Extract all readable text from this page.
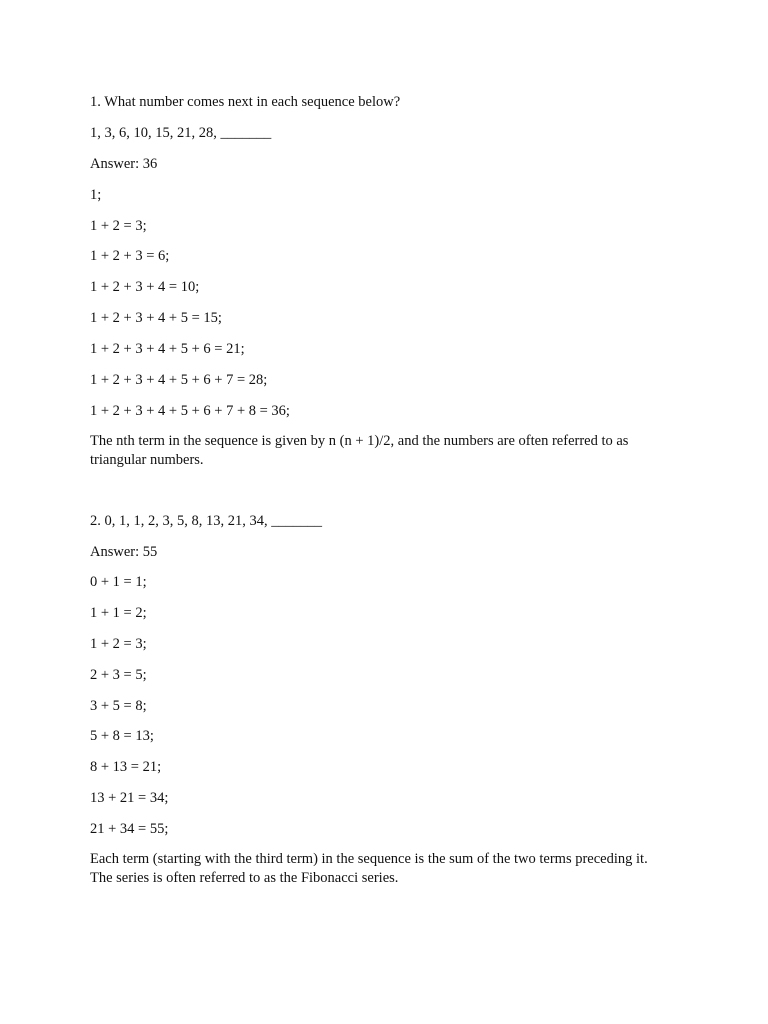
1. What number comes next in each sequence below?
1, 3, 6, 10, 15, 21, 28, _______
Answer: 36
1;
1 + 2 = 3;
1 + 2 + 3 = 6;
1 + 2 + 3 + 4 = 10;
1 + 2 + 3 + 4 + 5 = 15;
1 + 2 + 3 + 4 + 5 + 6 = 21;
1 + 2 + 3 + 4 + 5 + 6 + 7 = 28;
1 + 2 + 3 + 4 + 5 + 6 + 7 + 8 = 36;
The nth term in the sequence is given by n (n + 1)/2, and the numbers are often referred to as
triangular numbers.
2. 0, 1, 1, 2, 3, 5, 8, 13, 21, 34, _______
Answer: 55
0 + 1 = 1;
1 + 1 = 2;
1 + 2 = 3;
2 + 3 = 5;
3 + 5 = 8;
5 + 8 = 13;
8 + 13 = 21;
13 + 21 = 34;
21 + 34 = 55;
Each term (starting with the third term) in the sequence is the sum of the two terms preceding it.
The series is often referred to as the Fibonacci series.
